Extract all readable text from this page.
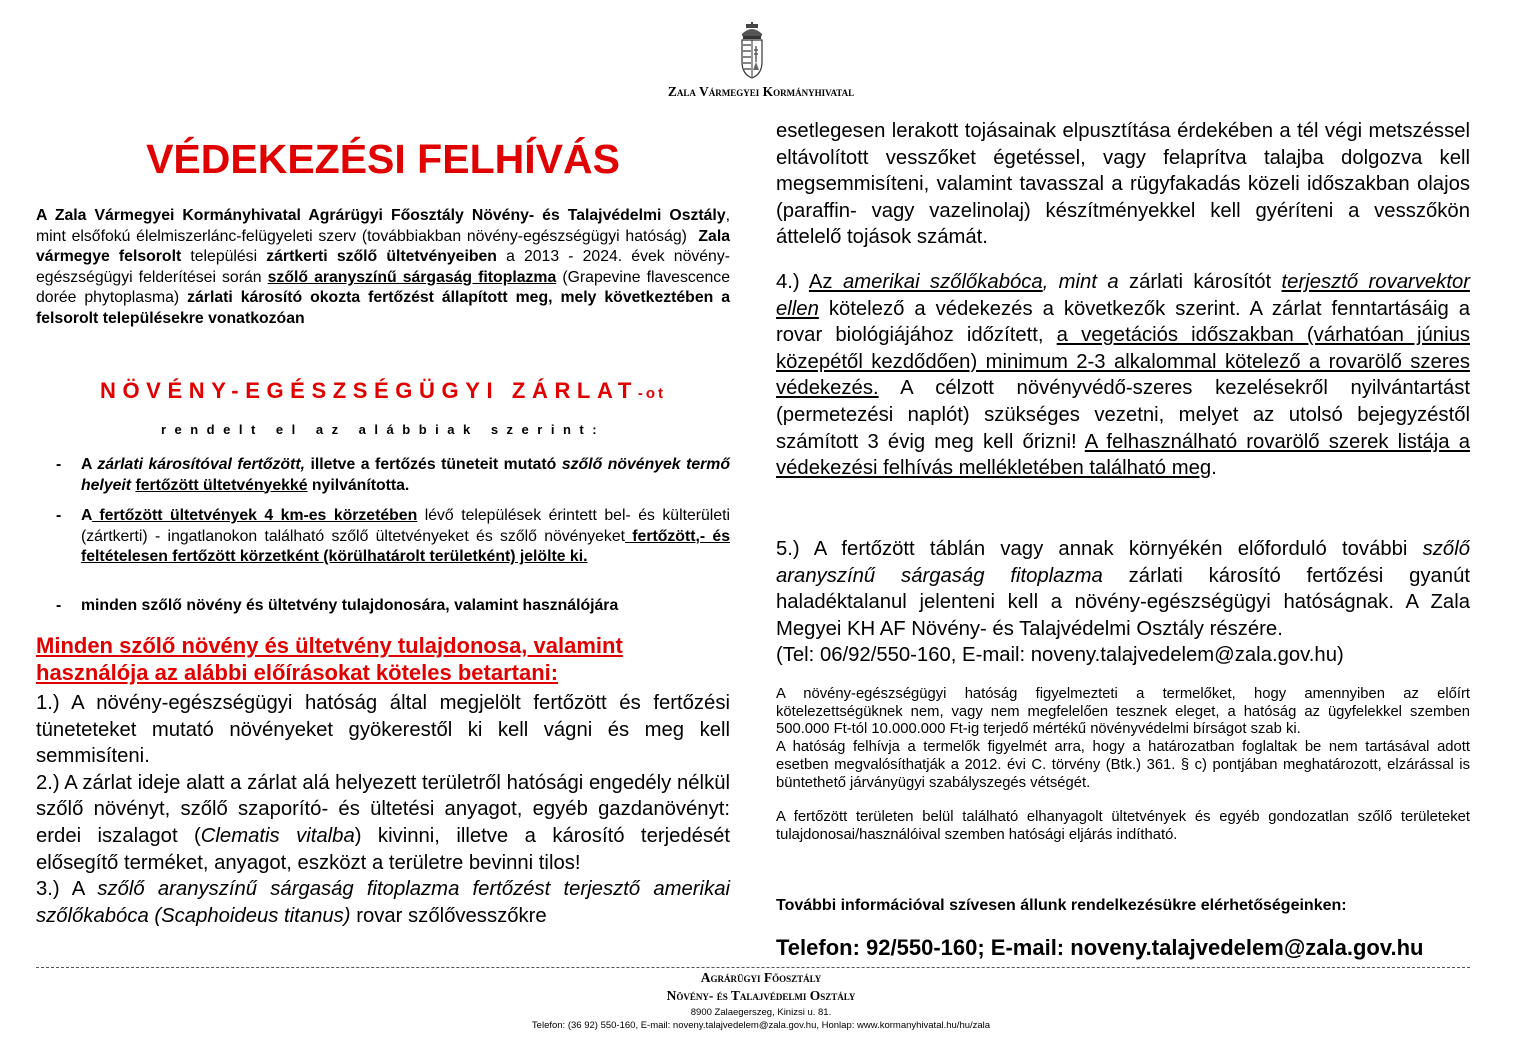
Zala Vármegyei Kormányhivatal
VÉDEKEZÉSI FELHÍVÁS
A Zala Vármegyei Kormányhivatal Agrárügyi Főosztály Növény- és Talajvédelmi Osztály, mint elsőfokú élelmiszerlánc-felügyeleti szerv (továbbiakban növény-egészségügyi hatóság) Zala vármegye felsorolt települési zártkerti szőlő ültetvényeiben a 2013 - 2024. évek növény-egészségügyi felderítései során szőlő aranyszínű sárgaság fitoplazma (Grapevine flavescence dorée phytoplasma) zárlati károsító okozta fertőzést állapított meg, mely következtében a felsorolt településekre vonatkozóan
NÖVÉNY-EGÉSZSÉGÜGYI ZÁRLAT-ot
rendelt el az alábbiak szerint:
- A zárlati károsítóval fertőzött, illetve a fertőzés tüneteit mutató szőlő növények termő helyeit fertőzött ültetvényekké nyilvánította.
- A fertőzött ültetvények 4 km-es körzetében lévő települések érintett bel- és külterületi (zártkerti) - ingatlanokon található szőlő ültetvényeket és szőlő növényeket fertőzött,- és feltételesen fertőzött körzetként (körülhatárolt területként) jelölte ki.
- minden szőlő növény és ültetvény tulajdonosára, valamint használójára
Minden szőlő növény és ültetvény tulajdonosa, valamint használója az alábbi előírásokat köteles betartani:

1.) A növény-egészségügyi hatóság által megjelölt fertőzött és fertőzési tüneteteket mutató növényeket gyökerestől ki kell vágni és meg kell semmisíteni.

2.) A zárlat ideje alatt a zárlat alá helyezett területről hatósági engedély nélkül szőlő növényt, szőlő szaporító- és ültetési anyagot, egyéb gazdanövényt: erdei iszalagot (Clematis vitalba) kivinni, illetve a károsító terjedését elősegítő terméket, anyagot, eszközt a területre bevinni tilos!

3.) A szőlő aranyszínű sárgaság fitoplazma fertőzést terjesztő amerikai szőlőkabóca (Scaphoideus titanus) rovar szőlővesszőkre

esetlegesen lerakott tojásainak elpusztítása érdekében a tél végi metszéssel eltávolított vesszőket égetéssel, vagy felaprítva talajba dolgozva kell megsemmisíteni, valamint tavasszal a rügyfakadás közeli időszakban olajos (paraffin- vagy vazelinolaj) készítményekkel kell gyéríteni a vesszőkön áttelelő tojások számát.
4.) Az amerikai szőlőkabóca, mint a zárlati károsítót terjesztő rovarvektor ellen kötelező a védekezés a következők szerint. A zárlat fenntartásáig a rovar biológiájához időzített, a vegetációs időszakban (várhatóan június közepétől kezdődően) minimum 2-3 alkalommal kötelező a rovarölő szeres védekezés. A célzott növényvédő-szeres kezelésekről nyilvántartást (permetezési naplót) szükséges vezetni, melyet az utolsó bejegyzéstől számított 3 évig meg kell őrizni! A felhasználható rovarölő szerek listája a védekezési felhívás mellékletében található meg.
5.) A fertőzött táblán vagy annak környékén előforduló további szőlő aranyszínű sárgaság fitoplazma zárlati károsító fertőzési gyanút haladéktalanul jelenteni kell a növény-egészségügyi hatóságnak. A Zala Megyei KH AF Növény- és Talajvédelmi Osztály részére.
(Tel: 06/92/550-160, E-mail: noveny.talajvedelem@zala.gov.hu)

A növény-egészségügyi hatóság figyelmezteti a termelőket, hogy amennyiben az előírt kötelezettségüknek nem, vagy nem megfelelően tesznek eleget, a hatóság az ügyfelekkel szemben 500.000 Ft-tól 10.000.000 Ft-ig terjedő mértékű növényvédelmi bírságot szab ki.

A hatóság felhívja a termelők figyelmét arra, hogy a határozatban foglaltak be nem tartásával adott esetben megvalósíthatják a 2012. évi C. törvény (Btk.) 361. § c) pontjában meghatározott, elzárással is büntethető járványügyi szabályszegés vétségét.

A fertőzött területen belül található elhanyagolt ültetvények és egyéb gondozatlan szőlő területeket tulajdonosai/használóival szemben hatósági eljárás indítható.

További információval szívesen állunk rendelkezésükre elérhetőségeinken:
Telefon: 92/550-160; E-mail: noveny.talajvedelem@zala.gov.hu
Agrárügyi Főosztály
Növény- és Talajvédelmi Osztály
8900 Zalaegerszeg, Kinizsi u. 81.
Telefon: (36 92) 550-160, E-mail: noveny.talajvedelem@zala.gov.hu, Honlap: www.kormanyhivatal.hu/hu/zala
